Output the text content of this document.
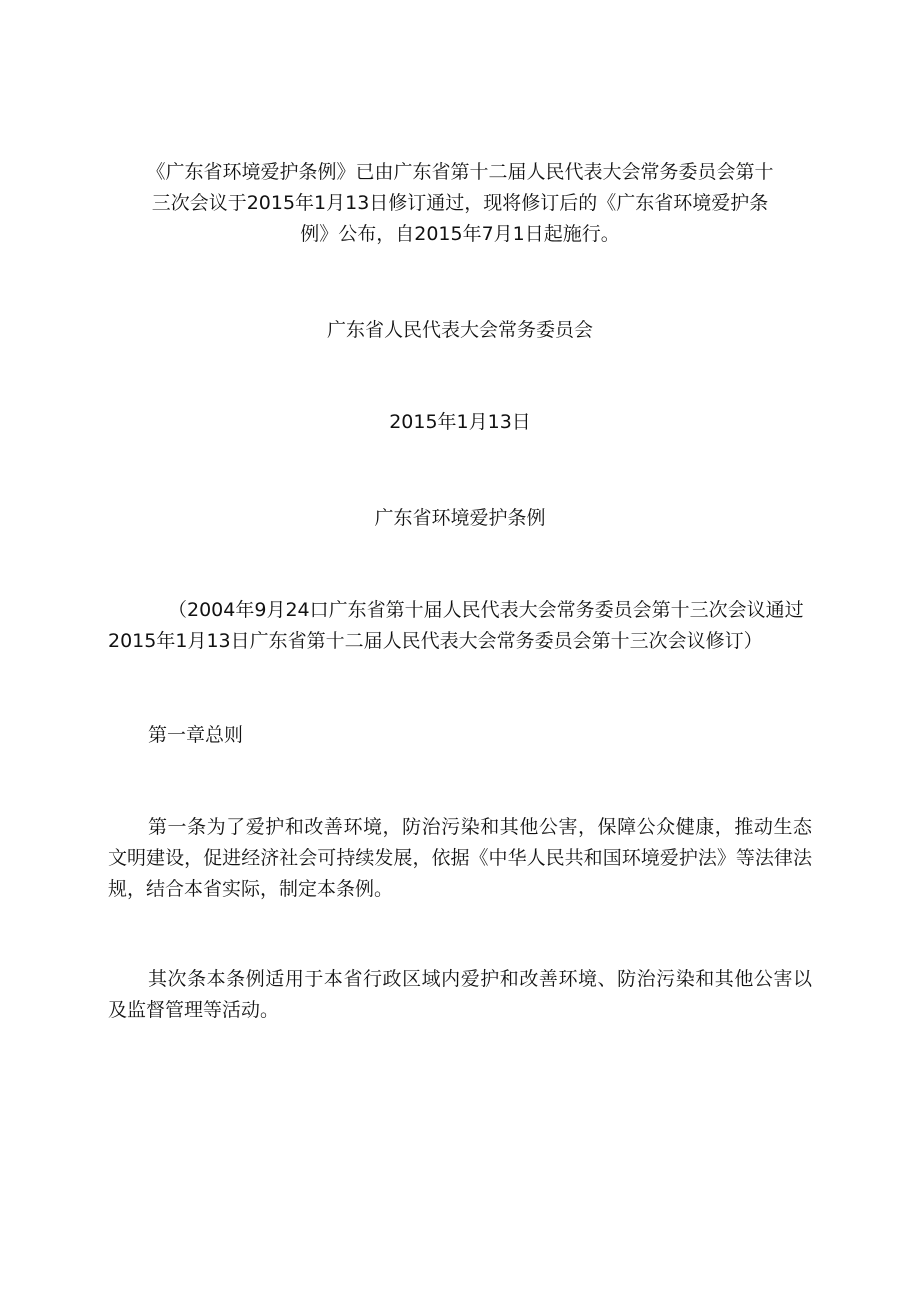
《广东省环境爱护条例》已由广东省第十二届人民代表大会常务委员会第十
三次会议于2015年1月13日修订通过，现将修订后的《广东省环境爱护条
例》公布，自2015年7月1日起施行。
广东省人民代表大会常务委员会
2015年1月13日
广东省环境爱护条例
（2004年9月24口广东省第十届人民代表大会常务委员会第十三次会议通过
2015年1月13日广东省第十二届人民代表大会常务委员会第十三次会议修订）
第一章总则

第一条为了爱护和改善环境，防治污染和其他公害，保障公众健康，推动生态文明建设，促进经济社会可持续发展，依据《中华人民共和国环境爱护法》等法律法规，结合本省实际，制定本条例。

其次条本条例适用于本省行政区域内爱护和改善环境、防治污染和其他公害以及监督管理等活动。
